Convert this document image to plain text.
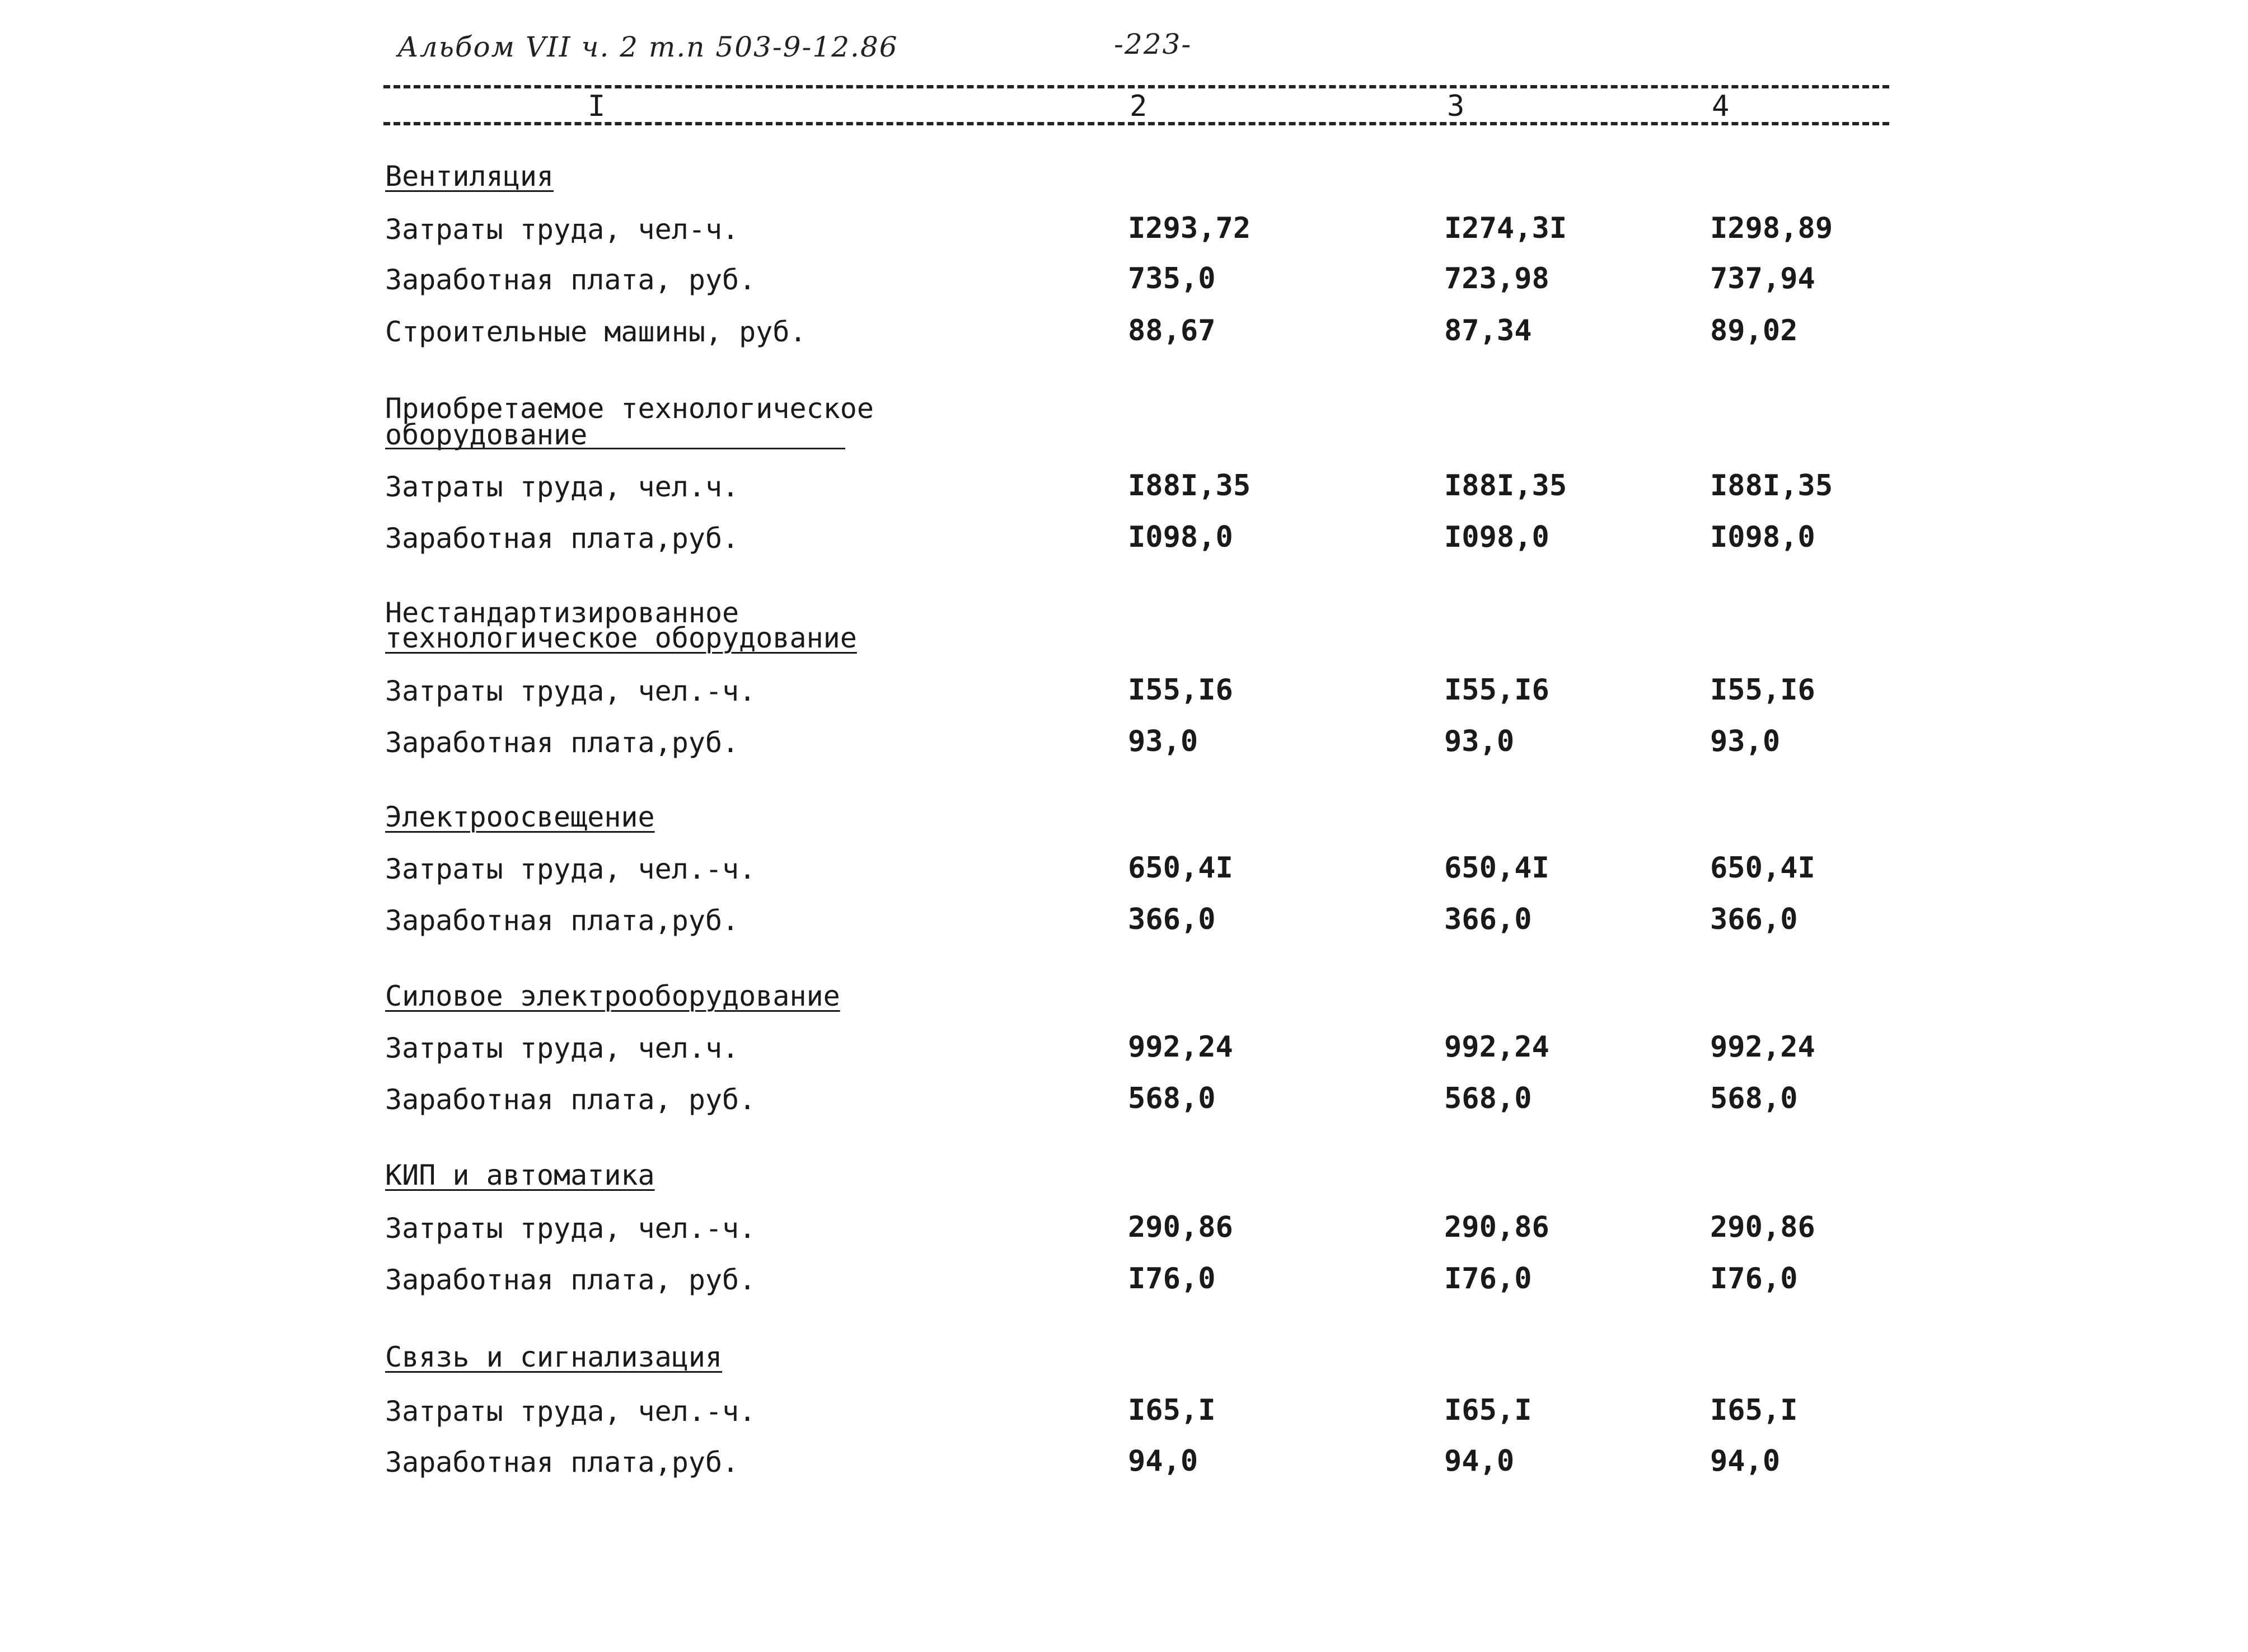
Альбом VII ч. 2 т.п 503-9-12.86	-223-
I	2	3	4
Вентиляция
Затраты труда, чел-ч.	I293,72	I274,3I	I298,89
Заработная плата, руб.	735,0	723,98	737,94
Строительные машины, руб.	88,67	87,34	89,02
Приобретаемое технологическое
оборудование
Затраты труда, чел.ч.	I88I,35	I88I,35	I88I,35
Заработная плата,руб.	I098,0	I098,0	I098,0
Нестандартизированное
технологическое оборудование
Затраты труда, чел.-ч.	I55,I6	I55,I6	I55,I6
Заработная плата,руб.	93,0	93,0	93,0
Электроосвещение
Затраты труда, чел.-ч.	650,4I	650,4I	650,4I
Заработная плата,руб.	366,0	366,0	366,0
Силовое электрооборудование
Затраты труда, чел.ч.	992,24	992,24	992,24
Заработная плата, руб.	568,0	568,0	568,0
КИП и автоматика
Затраты труда, чел.-ч.	290,86	290,86	290,86
Заработная плата, руб.	I76,0	I76,0	I76,0
Связь и сигнализация
Затраты труда, чел.-ч.	I65,I	I65,I	I65,I
Заработная плата,руб.	94,0	94,0	94,0
